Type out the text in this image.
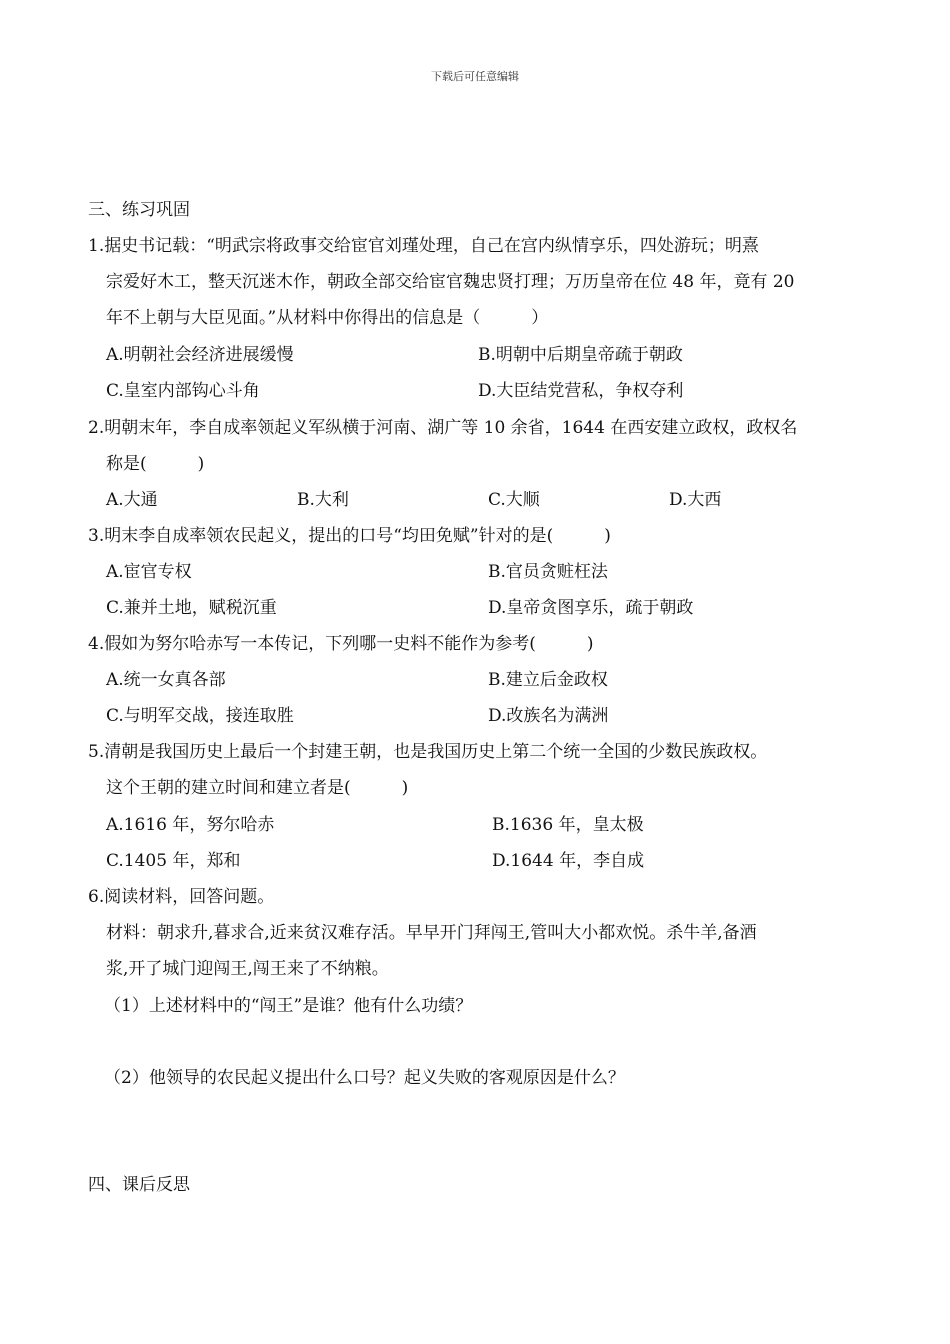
下载后可任意编辑
三、练习巩固
1.据史书记载：“明武宗将政事交给宦官刘瑾处理，自己在宫内纵情享乐，四处游玩；明熹
宗爱好木工，整天沉迷木作，朝政全部交给宦官魏忠贤打理；万历皇帝在位 48 年，竟有 20
年不上朝与大臣见面。”从材料中你得出的信息是（　　　）
A.明朝社会经济进展缓慢	B.明朝中后期皇帝疏于朝政
C.皇室内部钩心斗角	D.大臣结党营私，争权夺利
2.明朝末年，李自成率领起义军纵横于河南、湖广等 10 余省，1644 在西安建立政权，政权名
称是(　　　)
A.大通	B.大利	C.大顺	D.大西
3.明末李自成率领农民起义，提出的口号“均田免赋”针对的是(　　　)
A.宦官专权	B.官员贪赃枉法
C.兼并土地，赋税沉重	D.皇帝贪图享乐，疏于朝政
4.假如为努尔哈赤写一本传记，下列哪一史料不能作为参考(　　　)
A.统一女真各部	B.建立后金政权
C.与明军交战，接连取胜	D.改族名为满洲
5.清朝是我国历史上最后一个封建王朝，也是我国历史上第二个统一全国的少数民族政权。
这个王朝的建立时间和建立者是(　　　)
A.1616 年，努尔哈赤	B.1636 年，皇太极
C.1405 年，郑和	D.1644 年，李自成
6.阅读材料，回答问题。
材料：朝求升,暮求合,近来贫汉难存活。早早开门拜闯王,管叫大小都欢悦。杀牛羊,备酒
浆,开了城门迎闯王,闯王来了不纳粮。
（1）上述材料中的“闯王”是谁？他有什么功绩？
（2）他领导的农民起义提出什么口号？起义失败的客观原因是什么？
四、课后反思
